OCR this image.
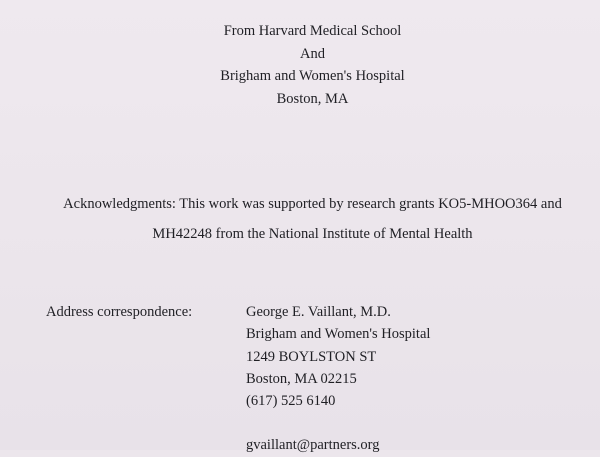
From Harvard Medical School
And
Brigham and Women's Hospital
Boston, MA
Acknowledgments: This work was supported by research grants KO5-MHOO364 and
MH42248 from the National Institute of Mental Health
Address correspondence:	George E. Vaillant, M.D.
Brigham and Women's Hospital
1249 BOYLSTON ST
Boston, MA 02215
(617) 525 6140
gvaillant@partners.org
